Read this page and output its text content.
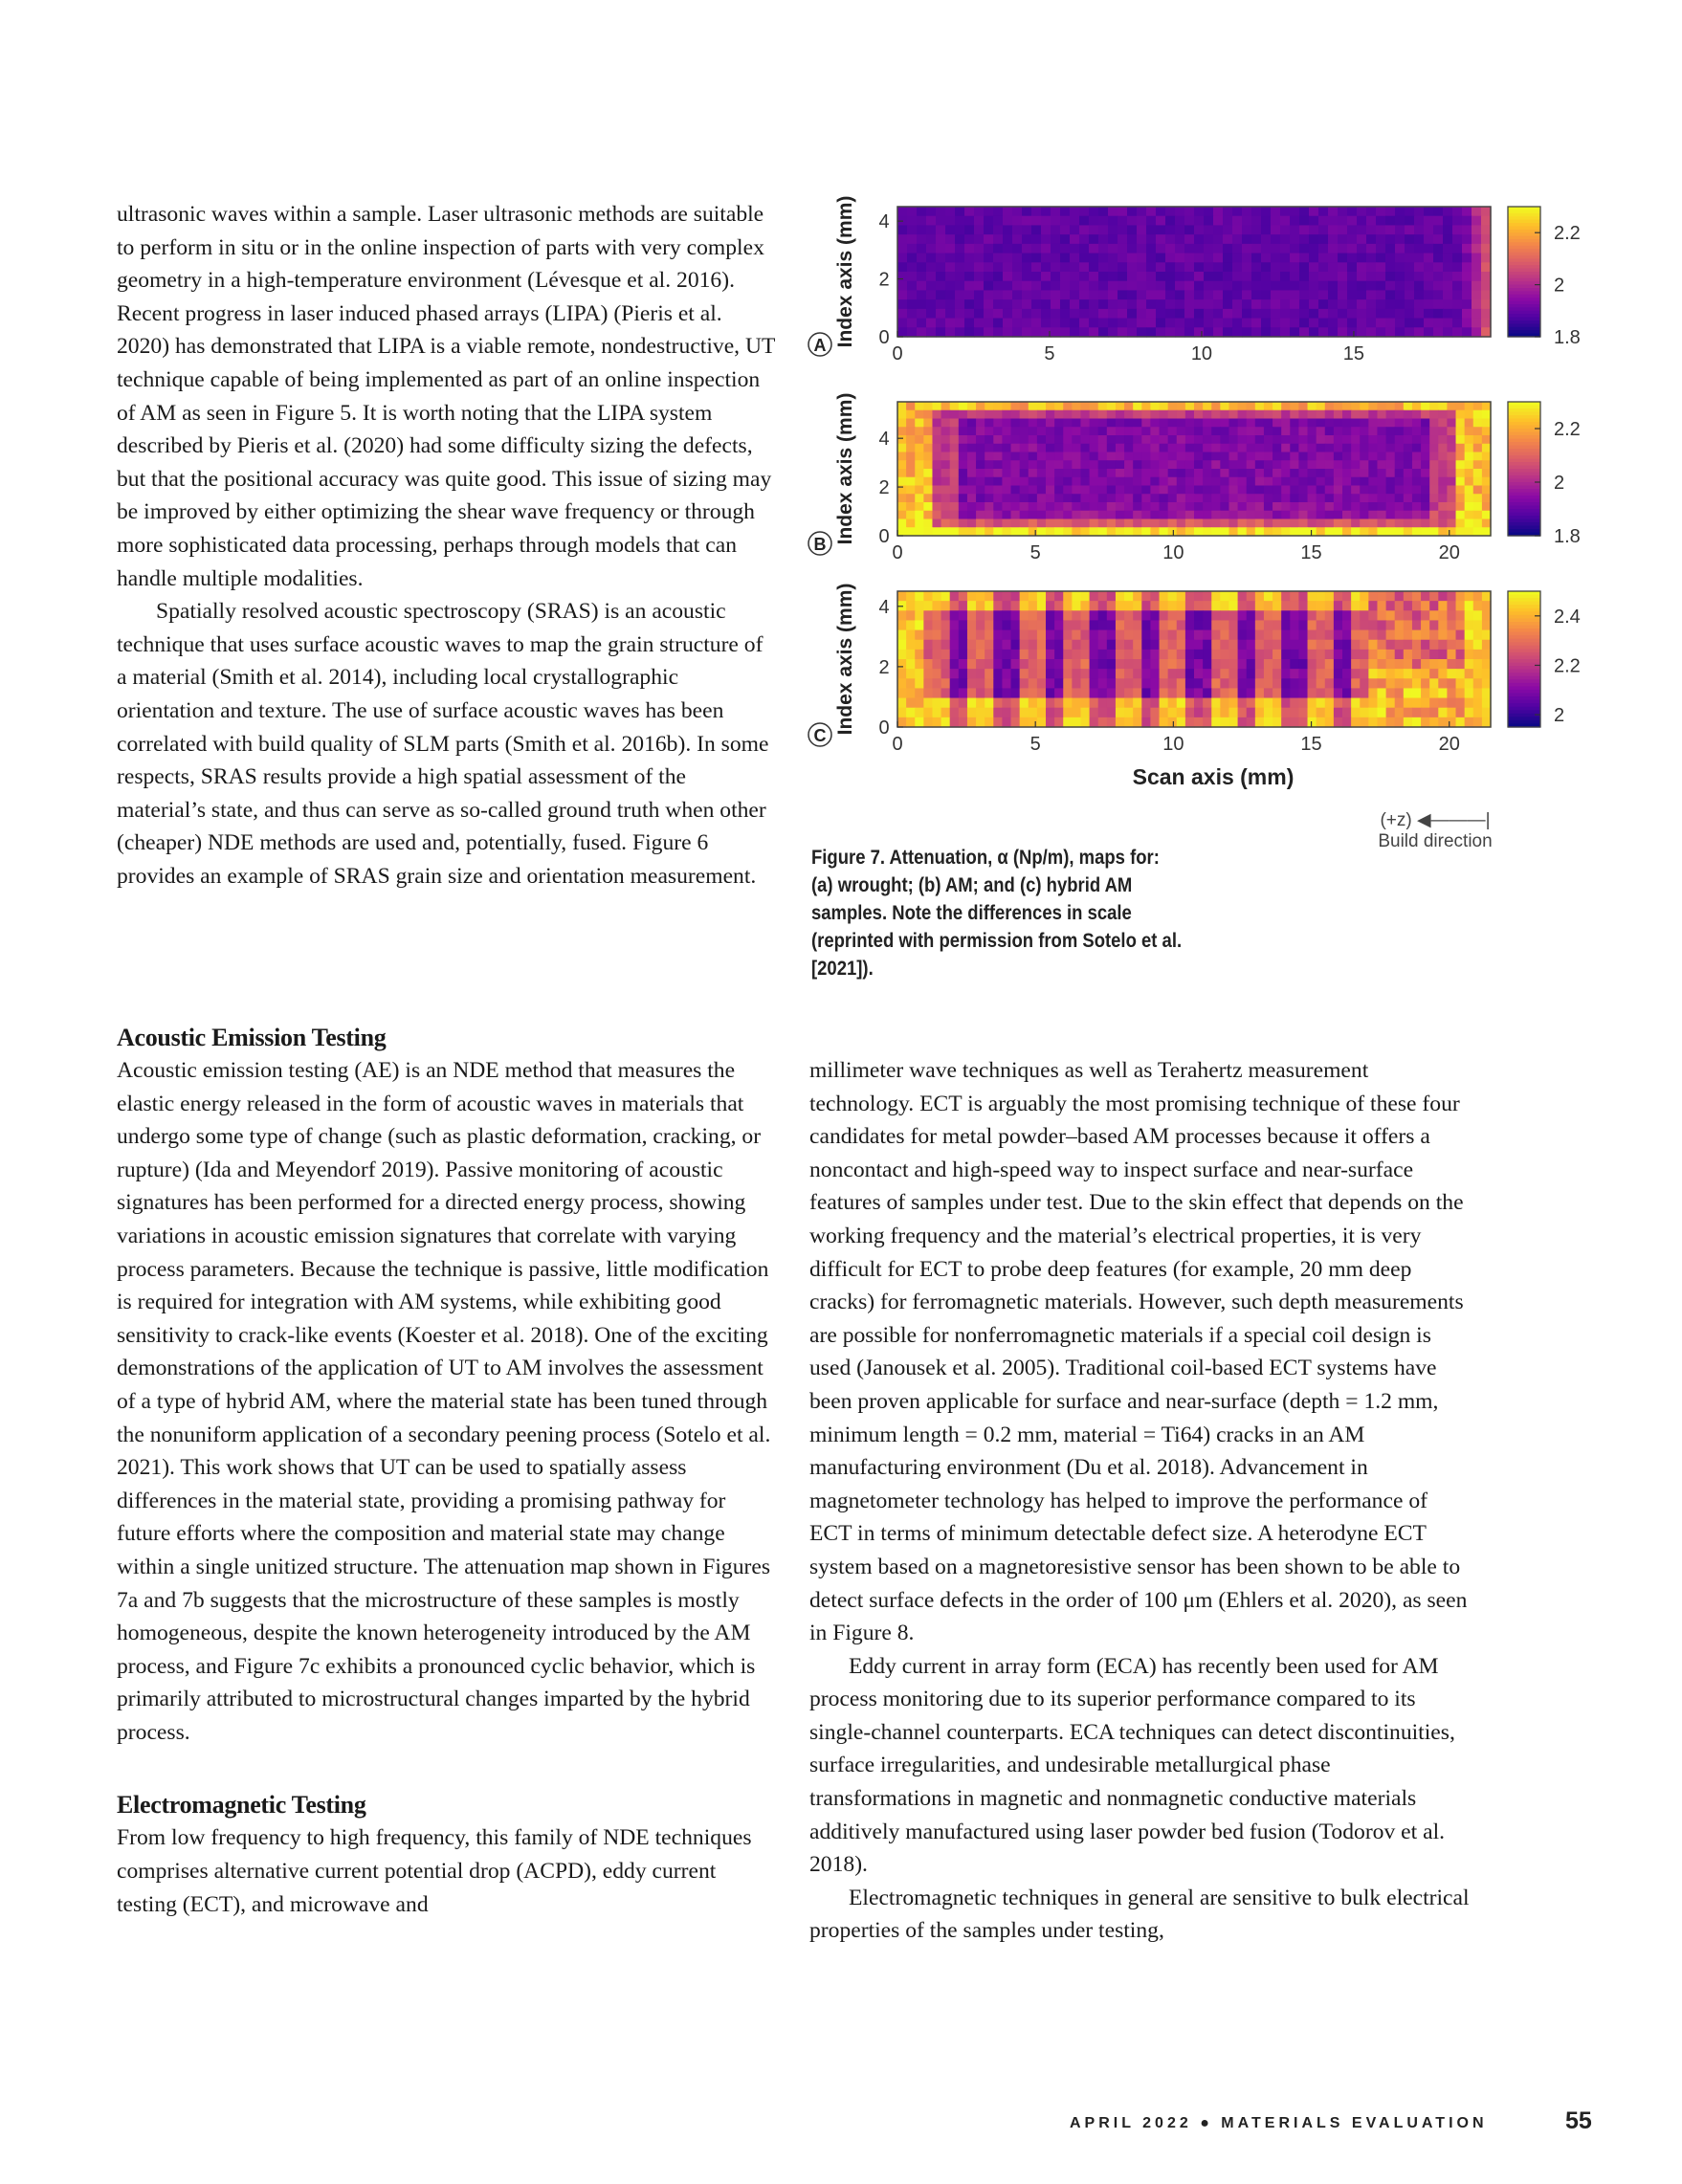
ultrasonic waves within a sample. Laser ultrasonic methods are suitable to perform in situ or in the online inspection of parts with very complex geometry in a high-temperature environment (Lévesque et al. 2016). Recent progress in laser induced phased arrays (LIPA) (Pieris et al. 2020) has demonstrated that LIPA is a viable remote, nondestructive, UT technique capable of being implemented as part of an online inspection of AM as seen in Figure 5. It is worth noting that the LIPA system described by Pieris et al. (2020) had some difficulty sizing the defects, but that the positional accuracy was quite good. This issue of sizing may be improved by either optimizing the shear wave frequency or through more sophisticated data processing, perhaps through models that can handle multiple modalities.

Spatially resolved acoustic spectroscopy (SRAS) is an acoustic technique that uses surface acoustic waves to map the grain structure of a material (Smith et al. 2014), including local crystallographic orientation and texture. The use of surface acoustic waves has been correlated with build quality of SLM parts (Smith et al. 2016b). In some respects, SRAS results provide a high spatial assessment of the material’s state, and thus can serve as so-called ground truth when other (cheaper) NDE methods are used and, potentially, fused. Figure 6 provides an example of SRAS grain size and orientation measurement.

Acoustic Emission Testing

Acoustic emission testing (AE) is an NDE method that measures the elastic energy released in the form of acoustic waves in materials that undergo some type of change (such as plastic deformation, cracking, or rupture) (Ida and Meyendorf 2019). Passive monitoring of acoustic signatures has been performed for a directed energy process, showing variations in acoustic emission signatures that correlate with varying process parameters. Because the technique is passive, little modification is required for integration with AM systems, while exhibiting good sensitivity to crack-like events (Koester et al. 2018). One of the exciting demonstrations of the application of UT to AM involves the assessment of a type of hybrid AM, where the material state has been tuned through the nonuniform application of a secondary peening process (Sotelo et al. 2021). This work shows that UT can be used to spatially assess differences in the material state, providing a promising pathway for future efforts where the composition and material state may change within a single unitized structure. The attenuation map shown in Figures 7a and 7b suggests that the microstructure of these samples is mostly homogeneous, despite the known heterogeneity introduced by the AM process, and Figure 7c exhibits a pronounced cyclic behavior, which is primarily attributed to microstructural changes imparted by the hybrid process.

Electromagnetic Testing

From low frequency to high frequency, this family of NDE techniques comprises alternative current potential drop (ACPD), eddy current testing (ECT), and microwave and

millimeter wave techniques as well as Terahertz measurement technology. ECT is arguably the most promising technique of these four candidates for metal powder–based AM processes because it offers a noncontact and high-speed way to inspect surface and near-surface features of samples under test. Due to the skin effect that depends on the working frequency and the material’s electrical properties, it is very difficult for ECT to probe deep features (for example, 20 mm deep cracks) for ferromagnetic materials. However, such depth measurements are possible for nonferromagnetic materials if a special coil design is used (Janousek et al. 2005). Traditional coil-based ECT systems have been proven applicable for surface and near-surface (depth = 1.2 mm, minimum length = 0.2 mm, material = Ti64) cracks in an AM manufacturing environment (Du et al. 2018). Advancement in magnetometer technology has helped to improve the performance of ECT in terms of minimum detectable defect size. A heterodyne ECT system based on a magnetoresistive sensor has been shown to be able to detect surface defects in the order of 100 μm (Ehlers et al. 2020), as seen in Figure 8.

Eddy current in array form (ECA) has recently been used for AM process monitoring due to its superior performance compared to its single-channel counterparts. ECA techniques can detect discontinuities, surface irregularities, and undesirable metallurgical phase transformations in magnetic and nonmagnetic conductive materials additively manufactured using laser powder bed fusion (Todorov et al. 2018).

Electromagnetic techniques in general are sensitive to bulk electrical properties of the samples under testing,

0	5	10	15
0
2
4
Index axis (mm)
A	1.8
2
2.2
0	5	10	15	20
0
2
4
Index axis (mm)
B	1.8
2
2.2
0	5	10	15	20
0
2
4
Index axis (mm)
C
Scan axis (mm)
2
2.2
2.4
Figure 7. Attenuation, α (Np/m), maps for: (a) wrought; (b) AM; and (c) hybrid AM samples. Note the differences in scale (reprinted with permission from Sotelo et al. [2021]).
(+z) ◀———|
Build direction
APRIL 2022 ● MATERIALS EVALUATION	55
